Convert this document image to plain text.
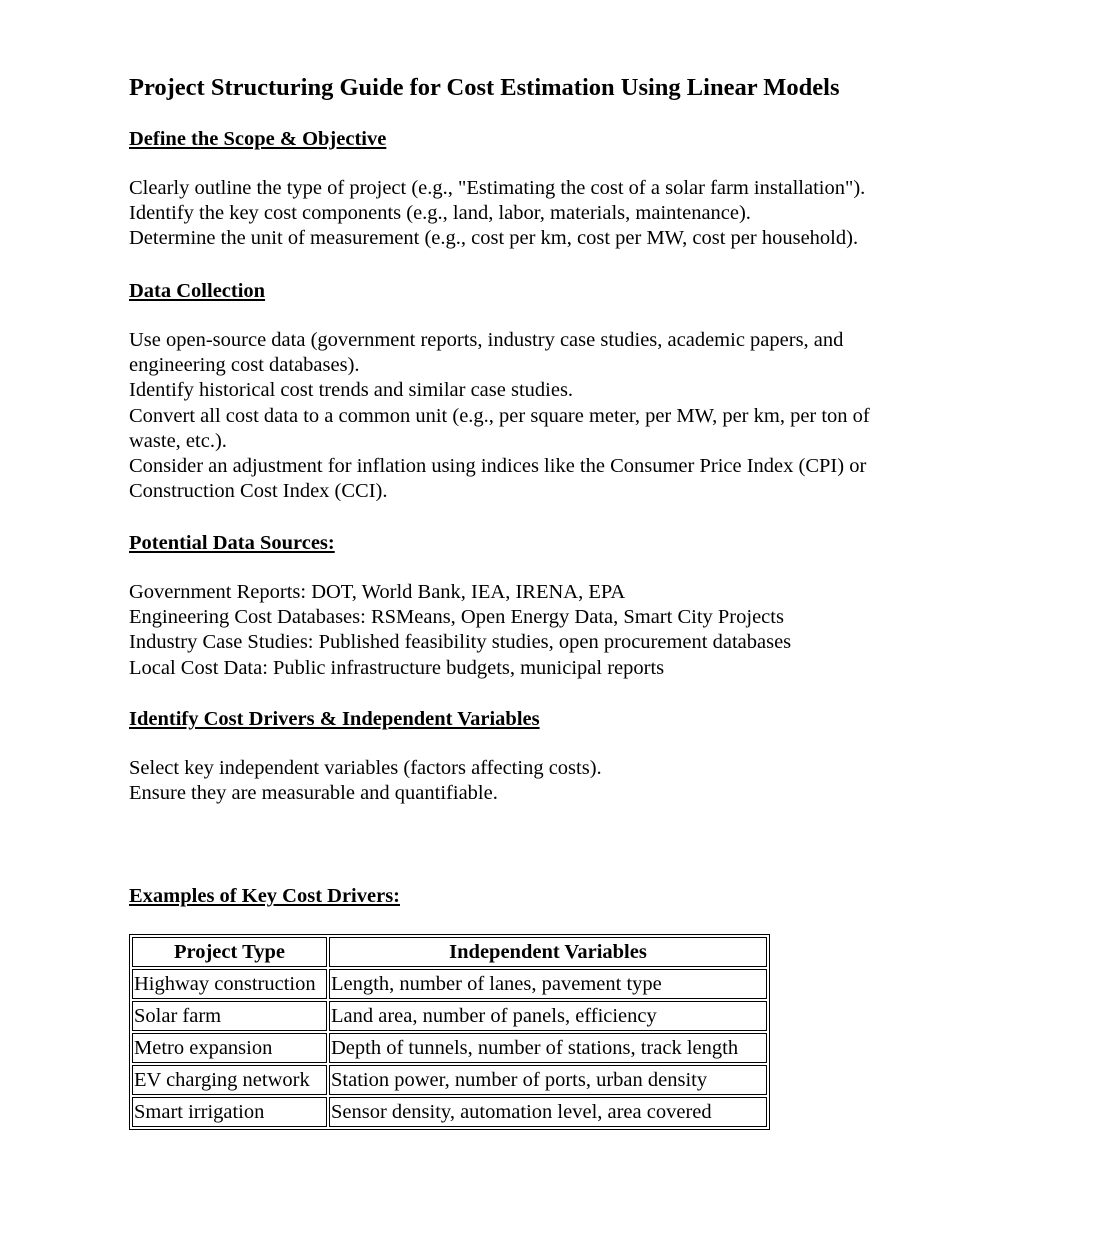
Project Structuring Guide for Cost Estimation Using Linear Models
Define the Scope & Objective
Clearly outline the type of project (e.g., "Estimating the cost of a solar farm installation").
Identify the key cost components (e.g., land, labor, materials, maintenance).
Determine the unit of measurement (e.g., cost per km, cost per MW, cost per household).
Data Collection
Use open-source data (government reports, industry case studies, academic papers, and
engineering cost databases).
Identify historical cost trends and similar case studies.
Convert all cost data to a common unit (e.g., per square meter, per MW, per km, per ton of
waste, etc.).
Consider an adjustment for inflation using indices like the Consumer Price Index (CPI) or
Construction Cost Index (CCI).
Potential Data Sources:
Government Reports: DOT, World Bank, IEA, IRENA, EPA
Engineering Cost Databases: RSMeans, Open Energy Data, Smart City Projects
Industry Case Studies: Published feasibility studies, open procurement databases
Local Cost Data: Public infrastructure budgets, municipal reports
Identify Cost Drivers & Independent Variables
Select key independent variables (factors affecting costs).
Ensure they are measurable and quantifiable.
Examples of Key Cost Drivers:
Project Type	Independent Variables
Highway construction	Length, number of lanes, pavement type
Solar farm	Land area, number of panels, efficiency
Metro expansion	Depth of tunnels, number of stations, track length
EV charging network	Station power, number of ports, urban density
Smart irrigation	Sensor density, automation level, area covered
